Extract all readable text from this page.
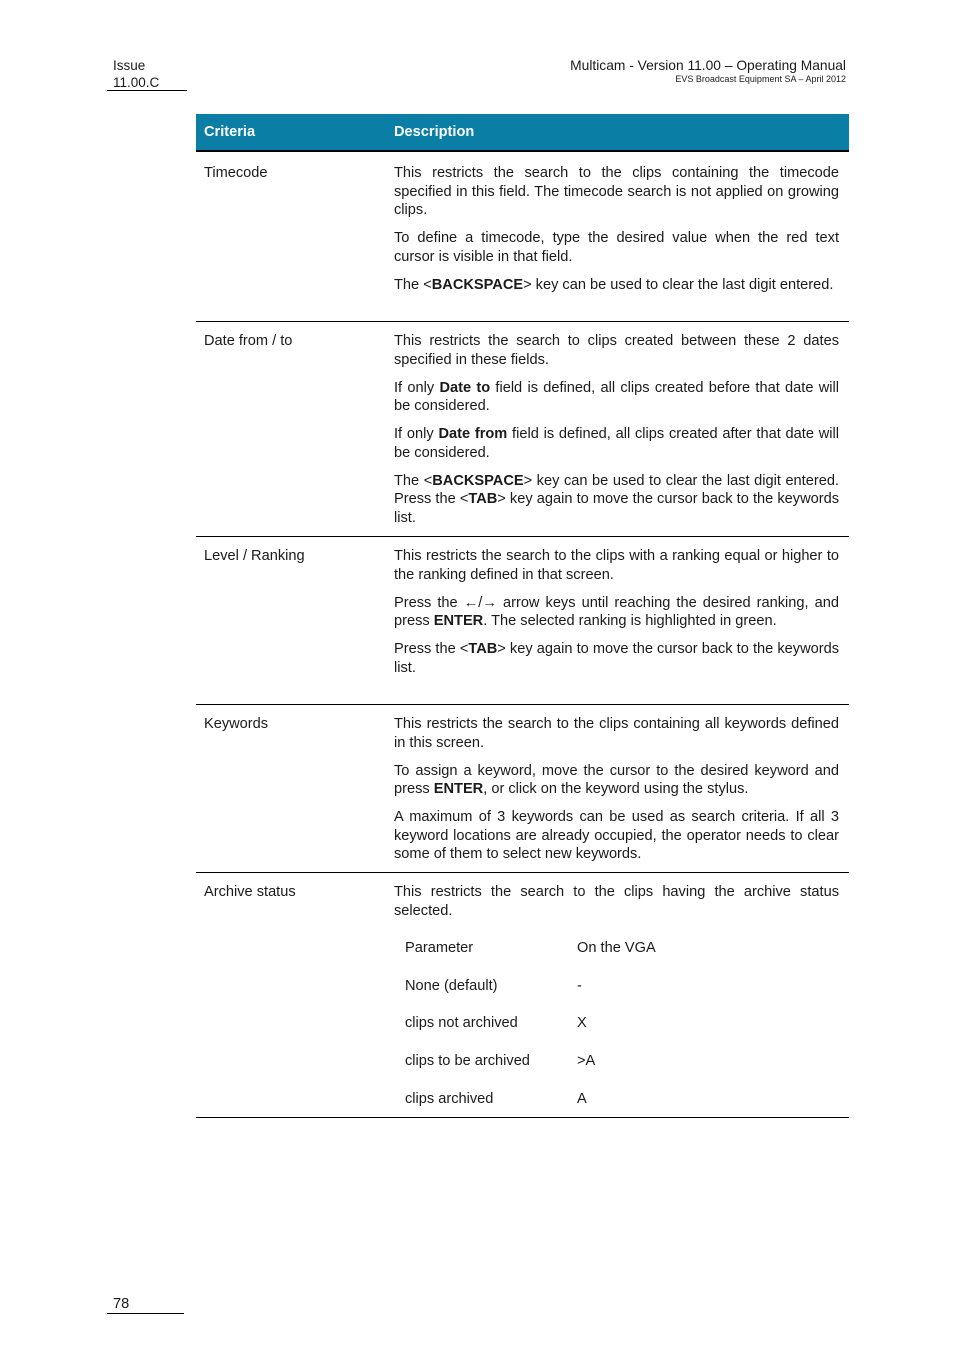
Issue
11.00.C
Multicam - Version 11.00 – Operating Manual
EVS Broadcast Equipment SA – April 2012
Criteria	Description
Timecode	This restricts the search to the clips containing the timecode specified in this field. The timecode search is not applied on growing clips.

To define a timecode, type the desired value when the red text cursor is visible in that field.

The <BACKSPACE> key can be used to clear the last digit entered.

Date from / to	This restricts the search to clips created between these 2 dates specified in these fields.

If only Date to field is defined, all clips created before that date will be considered.

If only Date from field is defined, all clips created after that date will be considered.

The <BACKSPACE> key can be used to clear the last digit entered. Press the <TAB> key again to move the cursor back to the keywords list.

Level / Ranking	This restricts the search to the clips with a ranking equal or higher to the ranking defined in that screen.

Press the ←/→ arrow keys until reaching the desired ranking, and press ENTER. The selected ranking is highlighted in green.

Press the <TAB> key again to move the cursor back to the keywords list.

Keywords	This restricts the search to the clips containing all keywords defined in this screen.

To assign a keyword, move the cursor to the desired keyword and press ENTER, or click on the keyword using the stylus.

A maximum of 3 keywords can be used as search criteria. If all 3 keyword locations are already occupied, the operator needs to clear some of them to select new keywords.

Archive status	This restricts the search to the clips having the archive status selected.

Parameter	On the VGA
None (default)	-
clips not archived	X
clips to be archived	>A
clips archived	A
78
